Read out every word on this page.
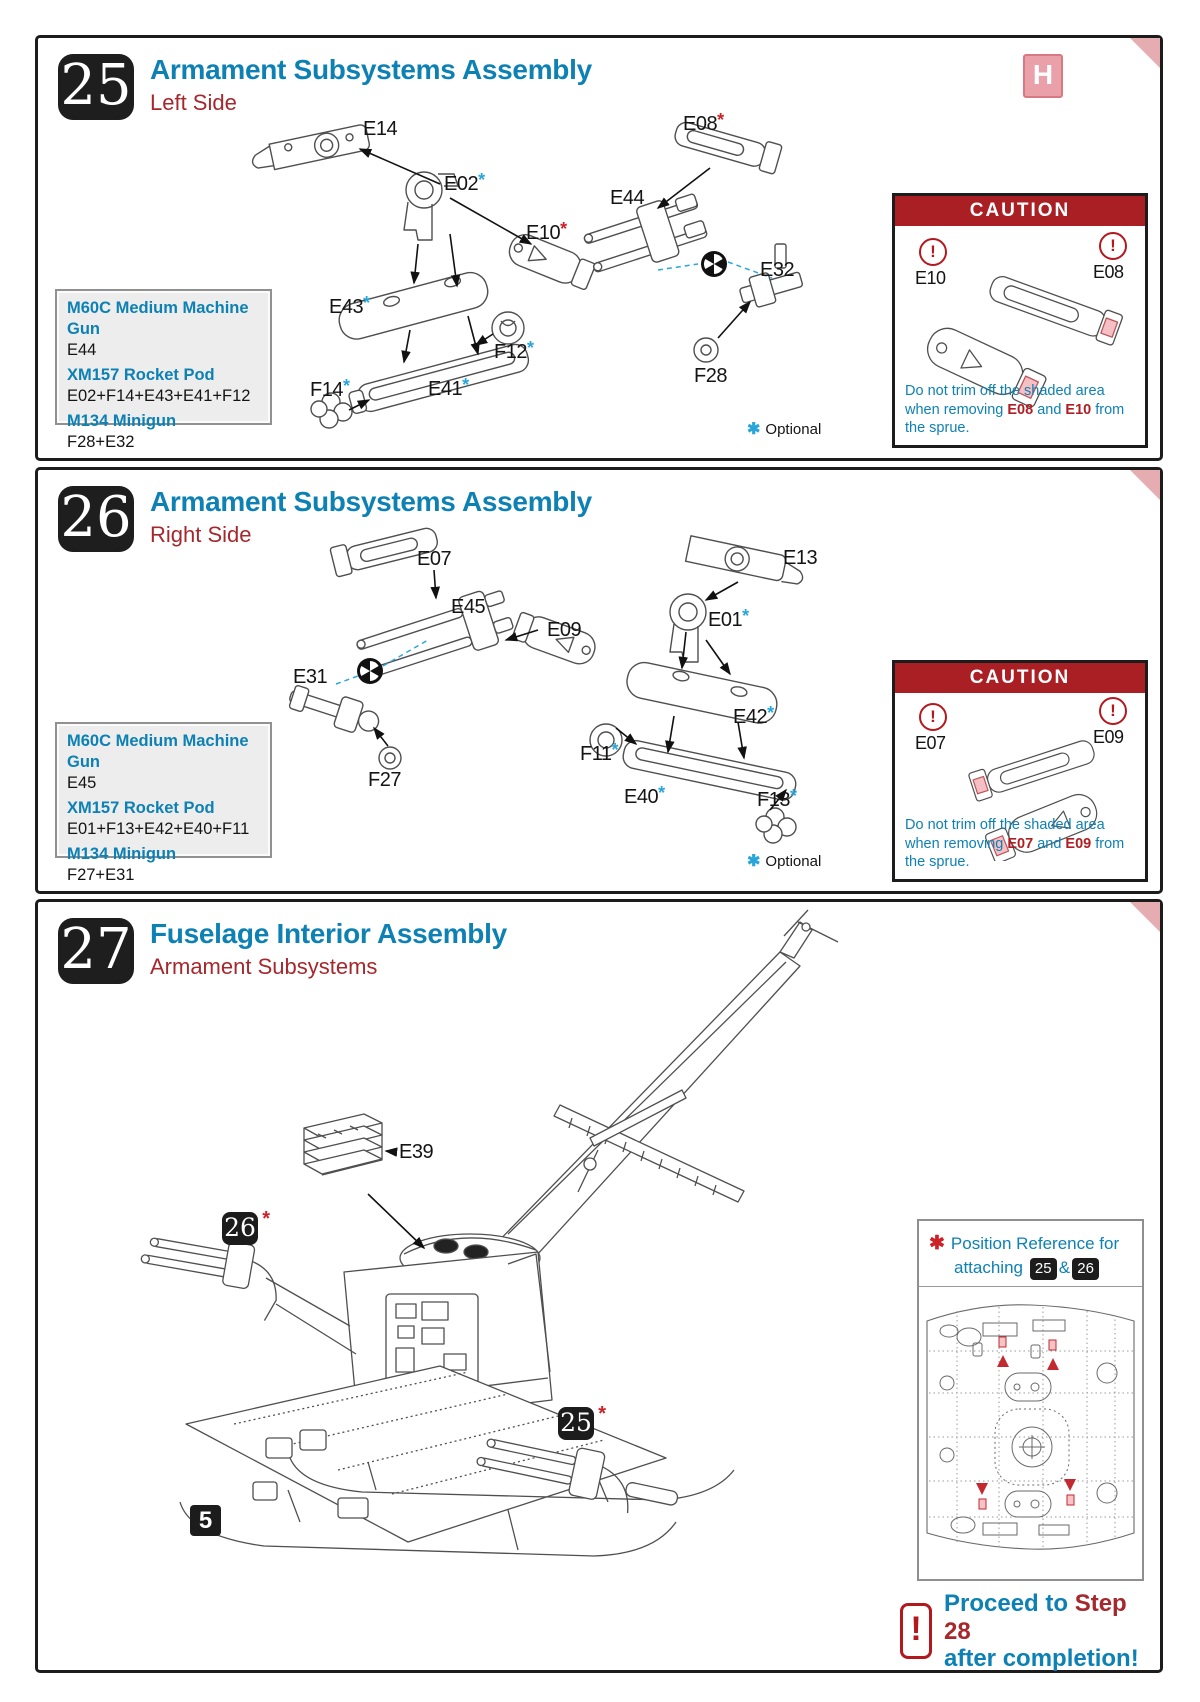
H
25 Armament Subsystems Assembly
Left Side
E14
E02*
E10*
E44
E08*
E32
E43*
F12*
F14*	E41*	F28
M60C Medium Machine Gun
E44
XM157 Rocket Pod
E02+F14+E43+E41+F12
M134 Minigun
F28+E32
✱ Optional
CAUTION
!
E10
!
E08
Do not trim off the shaded area when removing E08 and E10 from the sprue.
26 Armament Subsystems Assembly
Right Side
E07
E45
E09
E13
E01*
E42*
F11*
E40*	F13*
E31
F27
M60C Medium Machine Gun
E45
XM157 Rocket Pod
E01+F13+E42+E40+F11
M134 Minigun
F27+E31
✱ Optional
CAUTION
!
E07
!
E09
Do not trim off the shaded area when removing E07 and E09 from the sprue.
27 Fuselage Interior Assembly
Armament Subsystems
E39
26 *
25 *
5
✱ Position Reference for
attaching 25 & 26
!
Proceed to Step 28
after completion!
